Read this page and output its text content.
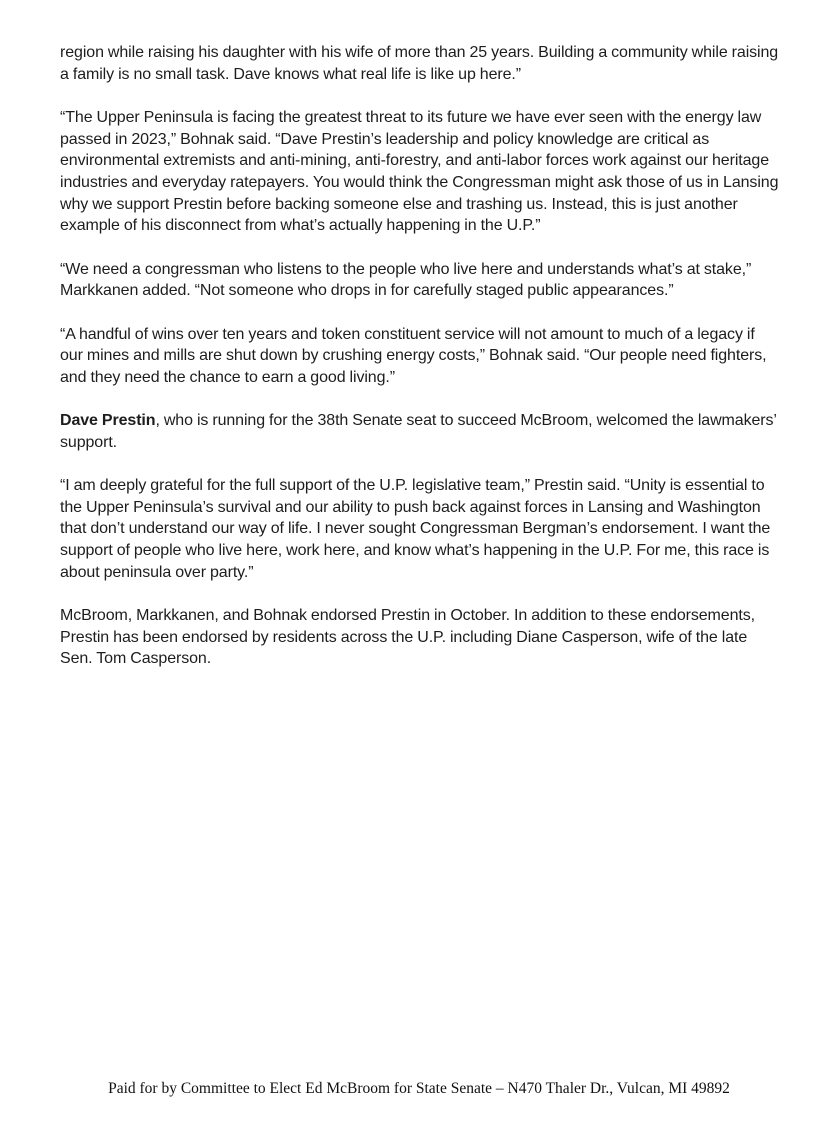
region while raising his daughter with his wife of more than 25 years. Building a community while raising a family is no small task. Dave knows what real life is like up here.”

“The Upper Peninsula is facing the greatest threat to its future we have ever seen with the energy law passed in 2023,” Bohnak said. “Dave Prestin’s leadership and policy knowledge are critical as environmental extremists and anti-mining, anti-forestry, and anti-labor forces work against our heritage industries and everyday ratepayers. You would think the Congressman might ask those of us in Lansing why we support Prestin before backing someone else and trashing us. Instead, this is just another example of his disconnect from what’s actually happening in the U.P.”

“We need a congressman who listens to the people who live here and understands what’s at stake,” Markkanen added. “Not someone who drops in for carefully staged public appearances.”

“A handful of wins over ten years and token constituent service will not amount to much of a legacy if our mines and mills are shut down by crushing energy costs,” Bohnak said. “Our people need fighters, and they need the chance to earn a good living.”

Dave Prestin, who is running for the 38th Senate seat to succeed McBroom, welcomed the lawmakers’ support.

“I am deeply grateful for the full support of the U.P. legislative team,” Prestin said. “Unity is essential to the Upper Peninsula’s survival and our ability to push back against forces in Lansing and Washington that don’t understand our way of life. I never sought Congressman Bergman’s endorsement. I want the support of people who live here, work here, and know what’s happening in the U.P. For me, this race is about peninsula over party.”

McBroom, Markkanen, and Bohnak endorsed Prestin in October. In addition to these endorsements, Prestin has been endorsed by residents across the U.P. including Diane Casperson, wife of the late Sen. Tom Casperson.

Paid for by Committee to Elect Ed McBroom for State Senate – N470 Thaler Dr., Vulcan, MI 49892
